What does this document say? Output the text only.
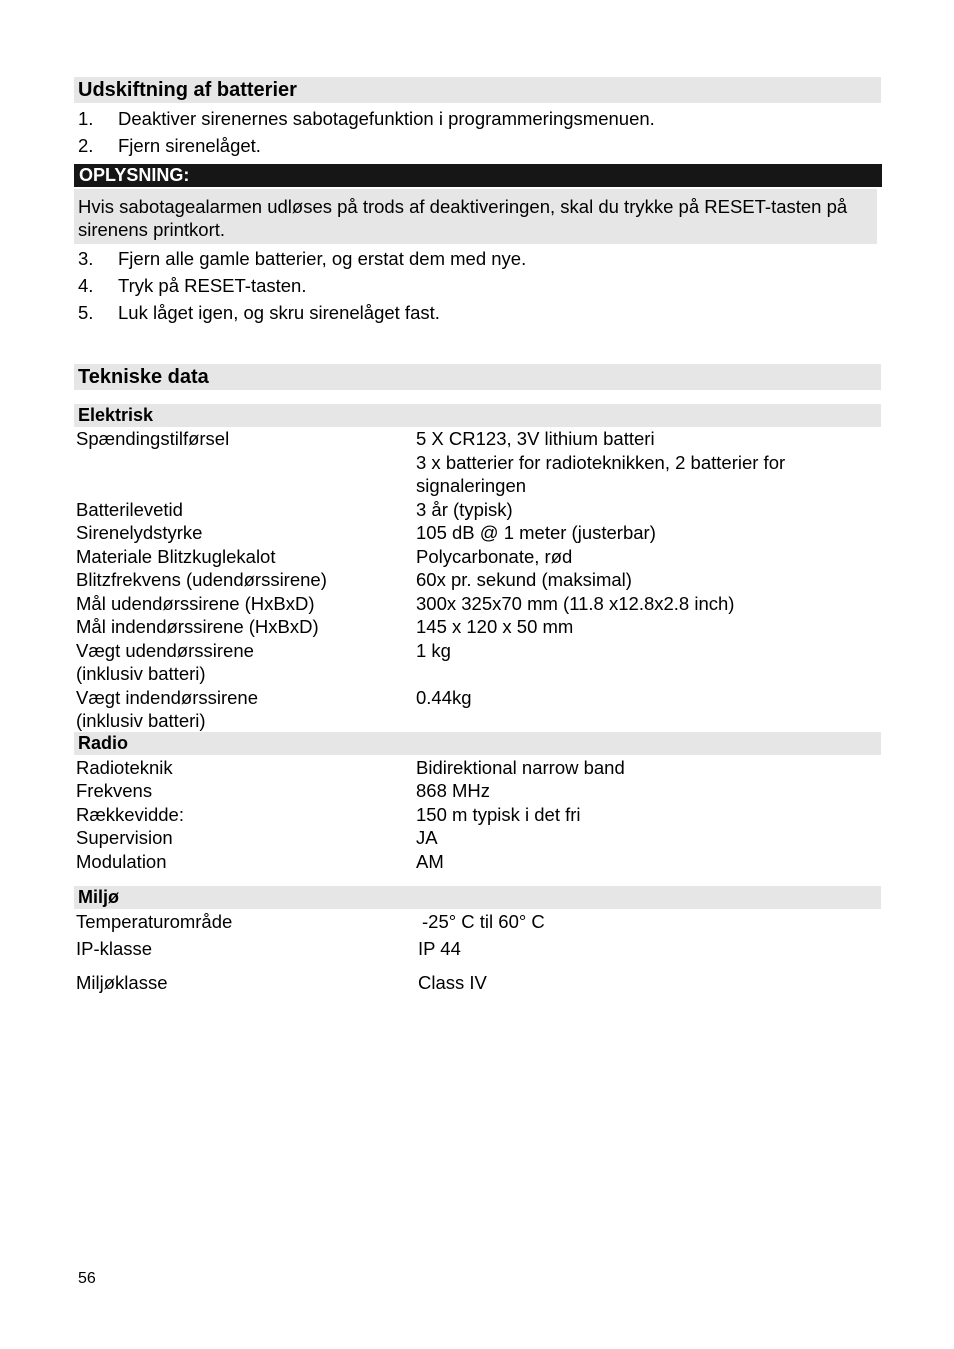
Udskiftning af batterier
1. Deaktiver sirenernes sabotagefunktion i programmeringsmenuen.
2. Fjern sirenelåget.
OPLYSNING:
Hvis sabotagealarmen udløses på trods af deaktiveringen, skal du trykke på RESET-tasten på sirenens printkort.
3. Fjern alle gamle batterier, og erstat dem med nye.
4. Tryk på RESET-tasten.
5. Luk låget igen, og skru sirenelåget fast.
Tekniske data
Elektrisk
Spændingstilførsel	5 X CR123, 3V lithium batteri
3 x batterier for radioteknikken, 2 batterier for
signaleringen
Batterilevetid	3 år (typisk)
Sirenelydstyrke	105 dB @ 1 meter (justerbar)
Materiale Blitzkuglekalot	Polycarbonate, rød
Blitzfrekvens (udendørssirene)	60x pr. sekund (maksimal)
Mål udendørssirene (HxBxD)	300x 325x70 mm (11.8 x12.8x2.8 inch)
Mål indendørssirene (HxBxD)	145 x 120 x 50 mm
Vægt udendørssirene	1 kg
(inklusiv batteri)
Vægt indendørssirene	0.44kg
(inklusiv batteri)
Radio
Radioteknik	Bidirektional narrow band
Frekvens	868 MHz
Rækkevidde:	150 m typisk i det fri
Supervision	JA
Modulation	AM
Miljø
Temperaturområde	-25° C til 60° C
IP-klasse	IP 44
Miljøklasse	Class IV
56
